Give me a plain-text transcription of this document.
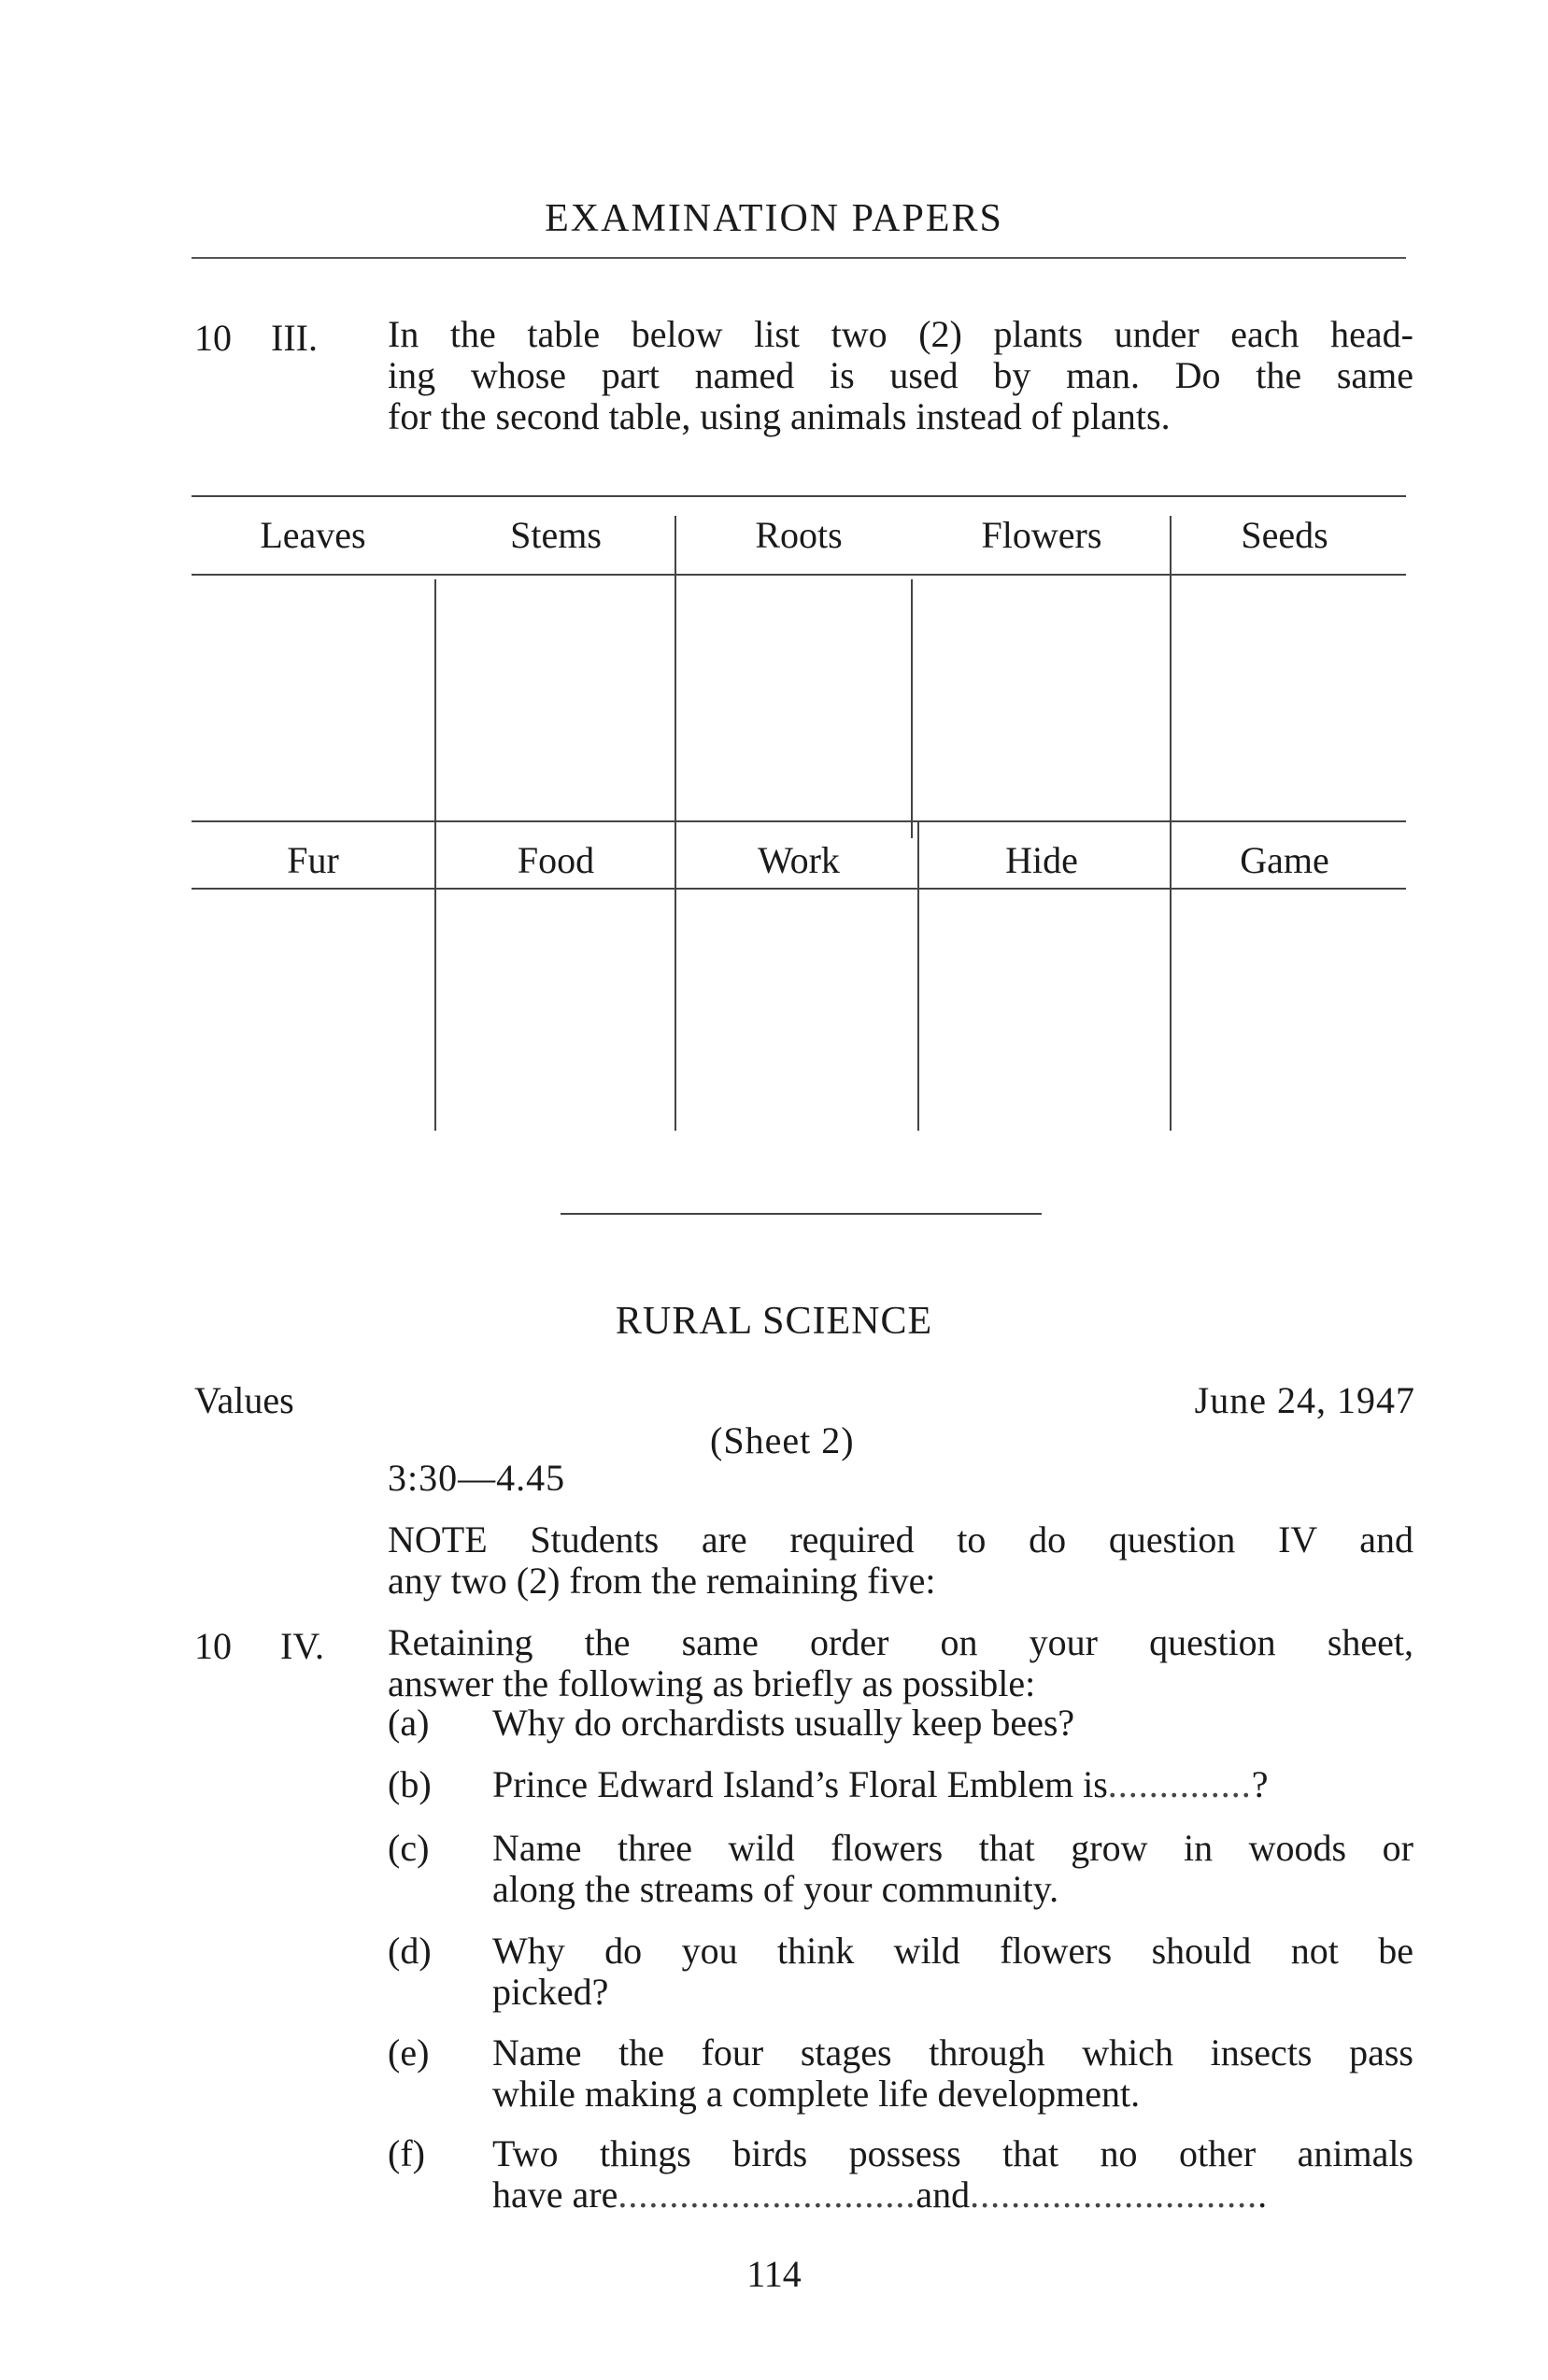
EXAMINATION PAPERS
10 III. In the table below list two (2) plants under each head-

ing whose part named is used by man. Do the same

for the second table, using animals instead of plants.

Leaves	Stems	Roots	Flowers	Seeds
Fur	Food	Work	Hide	Game
RURAL SCIENCE
Values	June 24, 1947
(Sheet 2)
3:30—4.45

NOTE Students are required to do question IV and

any two (2) from the remaining five:

10 IV. Retaining the same order on your question sheet,

answer the following as briefly as possible:

(a) Why do orchardists usually keep bees?

(b) Prince Edward Island’s Floral Emblem is..............?

(c) Name three wild flowers that grow in woods or

along the streams of your community.

(d) Why do you think wild flowers should not be

picked?

(e) Name the four stages through which insects pass

while making a complete life development.

(f) Two things birds possess that no other animals

have are.............................and.............................

114
